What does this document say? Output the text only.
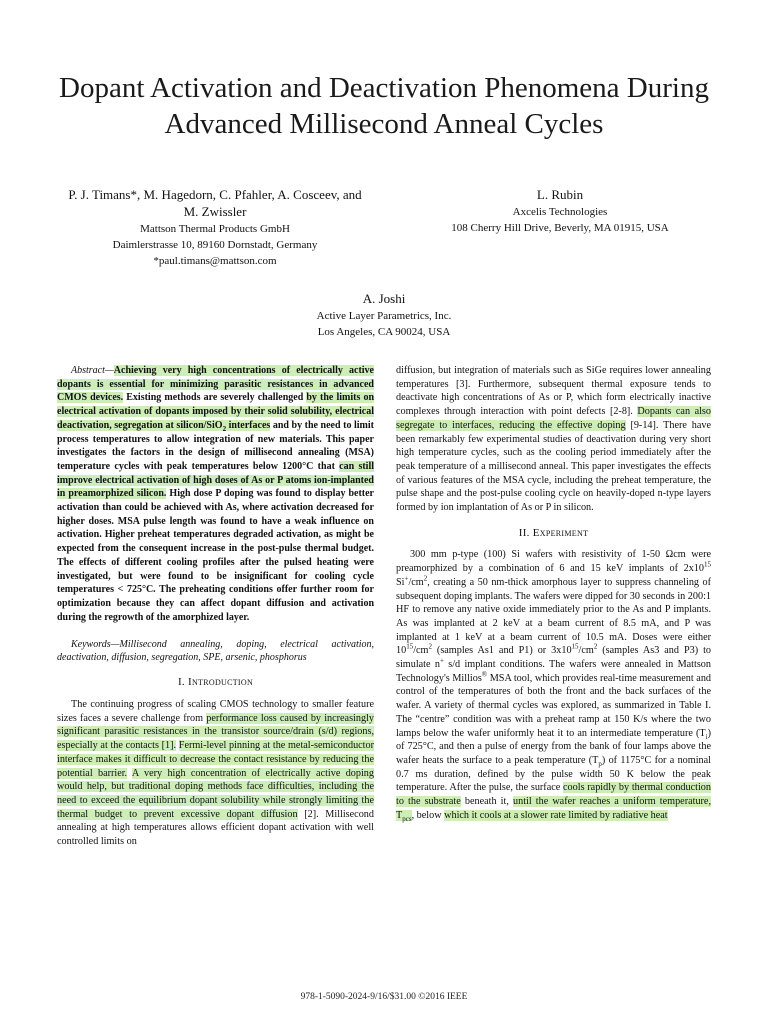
Dopant Activation and Deactivation Phenomena During Advanced Millisecond Anneal Cycles
P. J. Timans*, M. Hagedorn, C. Pfahler, A. Cosceev, and M. Zwissler
Mattson Thermal Products GmbH
Daimlerstrasse 10, 89160 Dornstadt, Germany
*paul.timans@mattson.com
L. Rubin
Axcelis Technologies
108 Cherry Hill Drive, Beverly, MA 01915, USA
A. Joshi
Active Layer Parametrics, Inc.
Los Angeles, CA 90024, USA

Abstract—Achieving very high concentrations of electrically active dopants is essential for minimizing parasitic resistances in advanced CMOS devices. Existing methods are severely challenged by the limits on electrical activation of dopants imposed by their solid solubility, electrical deactivation, segregation at silicon/SiO$_2$ interfaces and by the need to limit process temperatures to allow integration of new materials. This paper investigates the factors in the design of millisecond annealing (MSA) temperature cycles with peak temperatures below 1200°C that can still improve electrical activation of high doses of As or P atoms ion-implanted in preamorphized silicon. High dose P doping was found to display better activation than could be achieved with As, where activation decreased for higher doses. MSA pulse length was found to have a weak influence on activation. Higher preheat temperatures degraded activation, as might be expected from the consequent increase in the post-pulse thermal budget. The effects of different cooling profiles after the pulsed heating were investigated, but were found to be insignificant for cooling cycle temperatures < 725°C. The preheating conditions offer further room for optimization because they can affect dopant diffusion and activation during the regrowth of the amorphized layer.

Keywords—Millisecond annealing, doping, electrical activation, deactivation, diffusion, segregation, SPE, arsenic, phosphorus

I. Introduction

The continuing progress of scaling CMOS technology to smaller feature sizes faces a severe challenge from performance loss caused by increasingly significant parasitic resistances in the transistor source/drain (s/d) regions, especially at the contacts [1]. Fermi-level pinning at the metal-semiconductor interface makes it difficult to decrease the contact resistance by reducing the potential barrier. A very high concentration of electrically active doping would help, but traditional doping methods face difficulties, including the need to exceed the equilibrium dopant solubility while strongly limiting the thermal budget to prevent excessive dopant diffusion [2]. Millisecond annealing at high temperatures allows efficient dopant activation with well controlled limits on

diffusion, but integration of materials such as SiGe requires lower annealing temperatures [3]. Furthermore, subsequent thermal exposure tends to deactivate high concentrations of As or P, which form electrically inactive complexes through interaction with point defects [2-8]. Dopants can also segregate to interfaces, reducing the effective doping [9-14]. There have been remarkably few experimental studies of deactivation during very short high temperature cycles, such as the cooling period immediately after the peak temperature of a millisecond anneal. This paper investigates the effects of various features of the MSA cycle, including the preheat temperature, the pulse shape and the post-pulse cooling cycle on heavily-doped n-type layers formed by ion implantation of As or P in silicon.

II. Experiment

300 mm p-type (100) Si wafers with resistivity of 1-50 Ωcm were preamorphized by a combination of 6 and 15 keV implants of $2x10^{15}$ $Si^+/cm^2$, creating a 50 nm-thick amorphous layer to suppress channeling of subsequent doping implants. The wafers were dipped for 30 seconds in 200:1 HF to remove any native oxide immediately prior to the As and P implants. As was implanted at 2 keV at a beam current of 8.5 mA, and P was implanted at 1 keV at a beam current of 10.5 mA. Doses were either $10^{15}/cm^2$ (samples As1 and P1) or $3x10^{15}/cm^2$ (samples As3 and P3) to simulate n+ s/d implant conditions. The wafers were annealed in Mattson Technology's Millios® MSA tool, which provides real-time measurement and control of the temperatures of both the front and the back surfaces of the wafer. A variety of thermal cycles was explored, as summarized in Table I. The “centre” condition was with a preheat ramp at 150 K/s where the two lamps below the wafer uniformly heat it to an intermediate temperature $(T_i)$ of 725°C, and then a pulse of energy from the bank of four lamps above the wafer heats the surface to a peak temperature $(T_p)$ of 1175°C for a nominal 0.7 ms duration, defined by the pulse width 50 K below the peak temperature. After the pulse, the surface cools rapidly by thermal conduction to the substrate beneath it, until the wafer reaches a uniform temperature, $T_{pcs}$, below which it cools at a slower rate limited by radiative heat

978-1-5090-2024-9/16/$31.00 ©2016 IEEE
